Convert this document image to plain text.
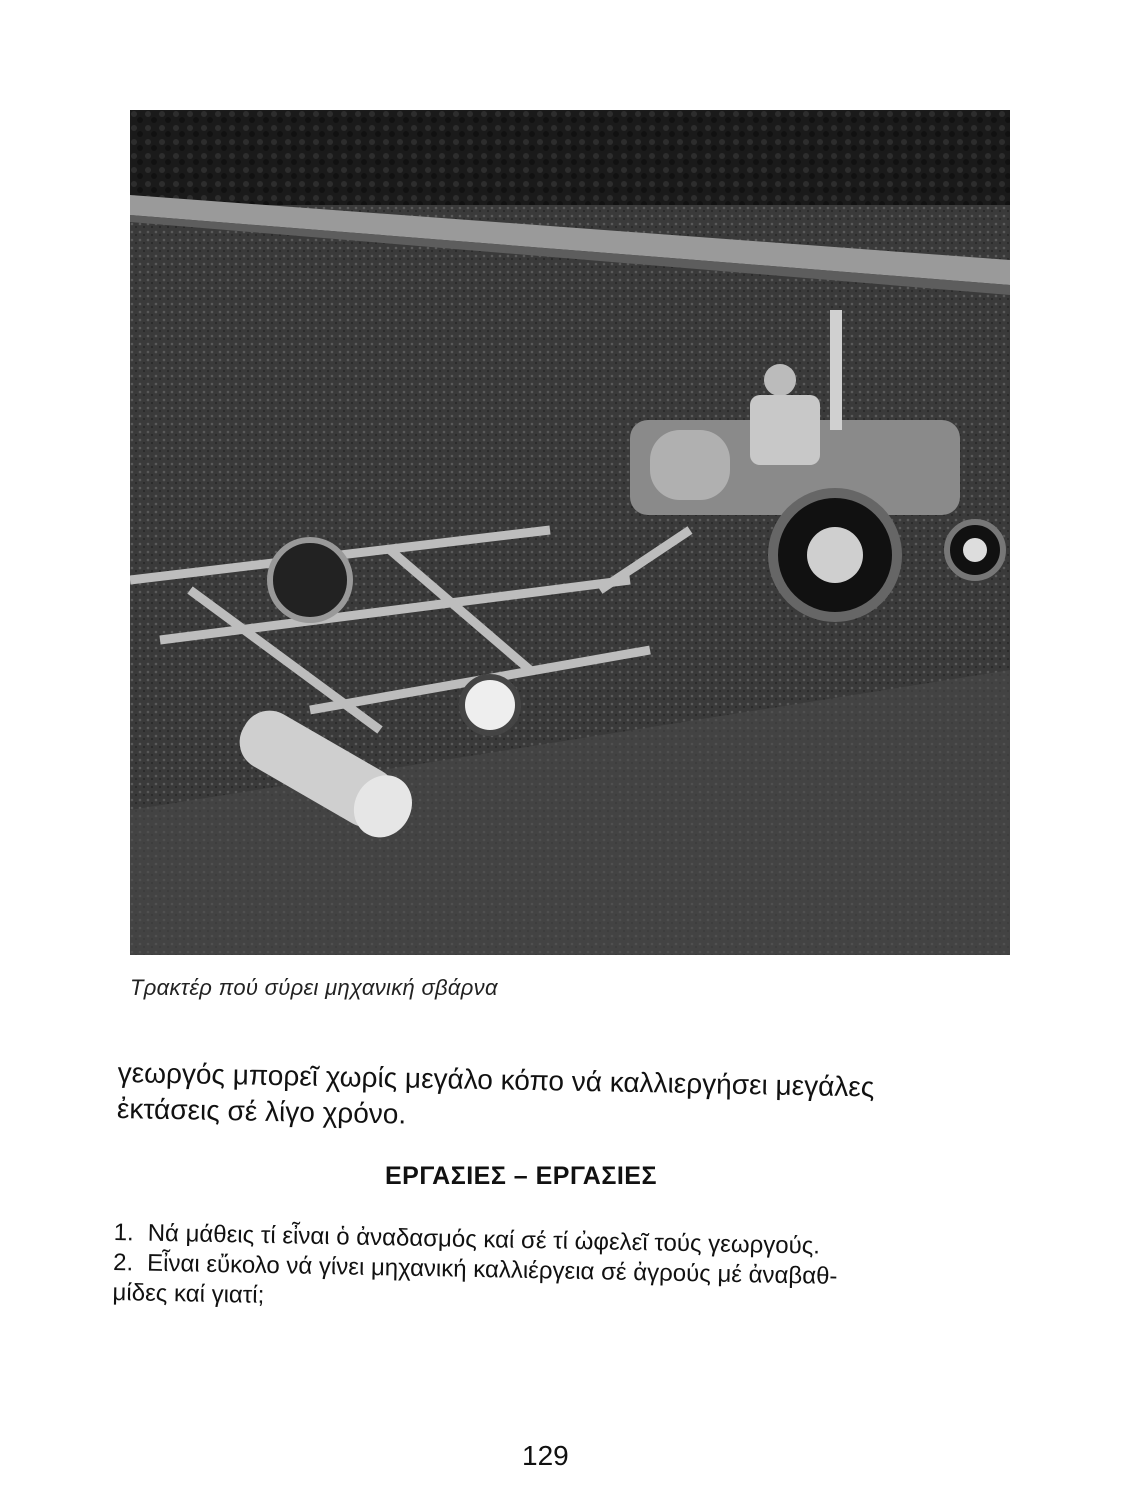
Τρακτέρ πού σύρει μηχανική σβάρνα
γεωργός μπορεῖ χωρίς μεγάλο κόπο νά καλλιεργήσει μεγάλες
ἐκτάσεις σέ λίγο χρόνο.
ΕΡΓΑΣΙΕΣ – ΕΡΓΑΣΙΕΣ
1. Νά μάθεις τί εἶναι ὁ ἀναδασμός καί σέ τί ὠφελεῖ τούς γεωργούς.
2. Εἶναι εὔκολο νά γίνει μηχανική καλλιέργεια σέ ἀγρούς μέ ἀναβαθ-
μίδες καί γιατί;
129
